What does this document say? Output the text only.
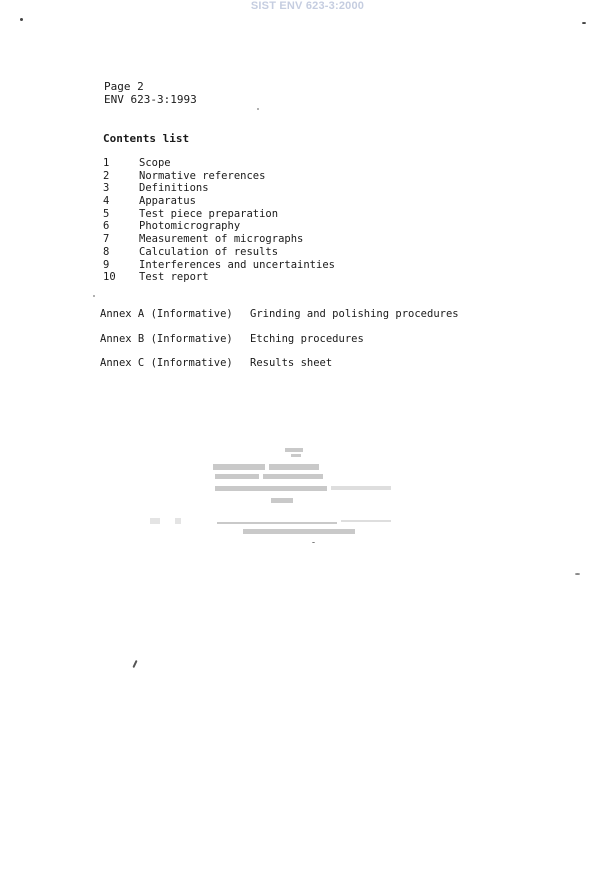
SIST ENV 623-3:2000
Page 2
ENV 623-3:1993
Contents list
1	Scope
2	Normative references
3	Definitions
4	Apparatus
5	Test piece preparation
6	Photomicrography
7	Measurement of micrographs
8	Calculation of results
9	Interferences and uncertainties
10	Test report
Annex A (Informative)	Grinding and polishing procedures
Annex B (Informative)	Etching procedures
Annex C (Informative)	Results sheet
